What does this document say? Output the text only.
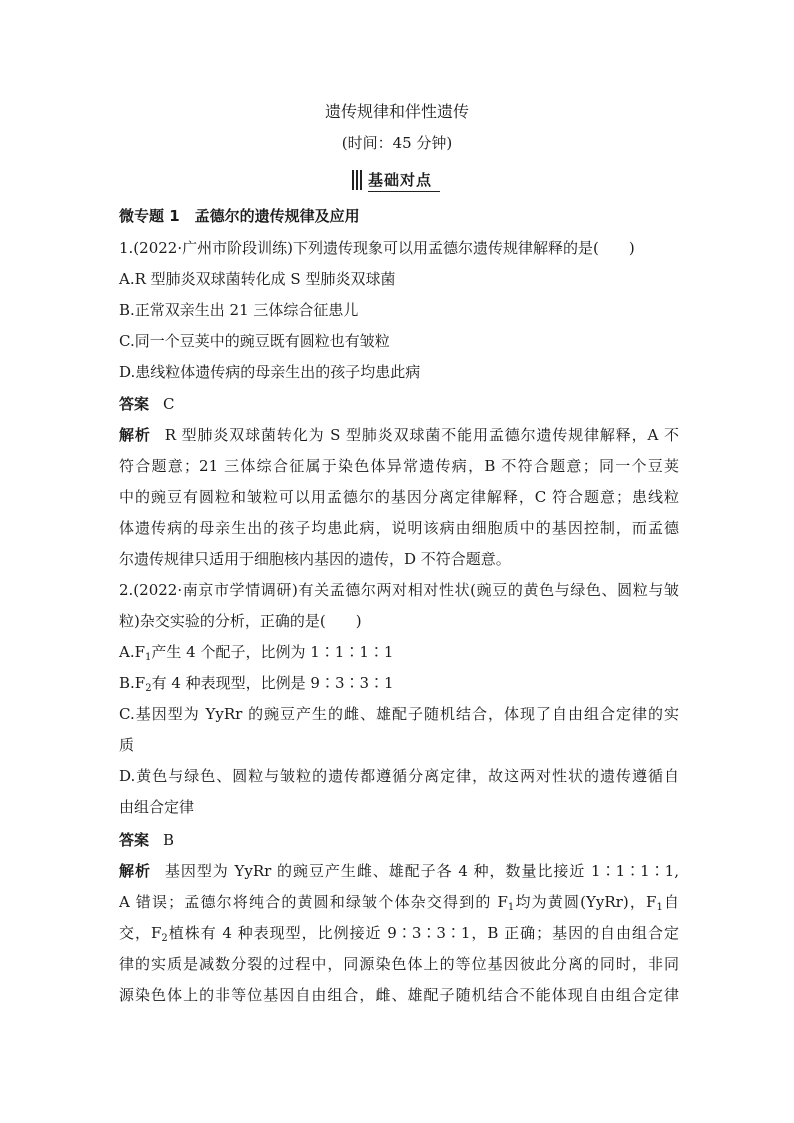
遗传规律和伴性遗传
(时间：45 分钟)
基础对点
微专题 1　孟德尔的遗传规律及应用
1.(2022·广州市阶段训练)下列遗传现象可以用孟德尔遗传规律解释的是(　　)
A.R 型肺炎双球菌转化成 S 型肺炎双球菌
B.正常双亲生出 21 三体综合征患儿
C.同一个豆荚中的豌豆既有圆粒也有皱粒
D.患线粒体遗传病的母亲生出的孩子均患此病
答案 C
解析 R 型肺炎双球菌转化为 S 型肺炎双球菌不能用孟德尔遗传规律解释，A 不
符合题意；21 三体综合征属于染色体异常遗传病，B 不符合题意；同一个豆荚
中的豌豆有圆粒和皱粒可以用孟德尔的基因分离定律解释，C 符合题意；患线粒
体遗传病的母亲生出的孩子均患此病，说明该病由细胞质中的基因控制，而孟德
尔遗传规律只适用于细胞核内基因的遗传，D 不符合题意。
2.(2022·南京市学情调研)有关孟德尔两对相对性状(豌豆的黄色与绿色、圆粒与皱
粒)杂交实验的分析，正确的是(　　)
$A.F_1$产生 4 个配子，比例为 1∶1∶1∶1
$B.F_2$有 4 种表现型，比例是 9∶3∶3∶1
C.基因型为 YyRr 的豌豆产生的雌、雄配子随机结合，体现了自由组合定律的实
质
D.黄色与绿色、圆粒与皱粒的遗传都遵循分离定律，故这两对性状的遗传遵循自
由组合定律
答案 B
解析 基因型为 YyRr 的豌豆产生雌、雄配子各 4 种，数量比接近 1∶1∶1∶1,
A 错误；孟德尔将纯合的黄圆和绿皱个体杂交得到的 $F_1$均为黄圆(YyRr)，$F_1$自
交，$F_2$植株有 4 种表现型，比例接近 9∶3∶3∶1，B 正确；基因的自由组合定
律的实质是减数分裂的过程中，同源染色体上的等位基因彼此分离的同时，非同
源染色体上的非等位基因自由组合，雌、雄配子随机结合不能体现自由组合定律
